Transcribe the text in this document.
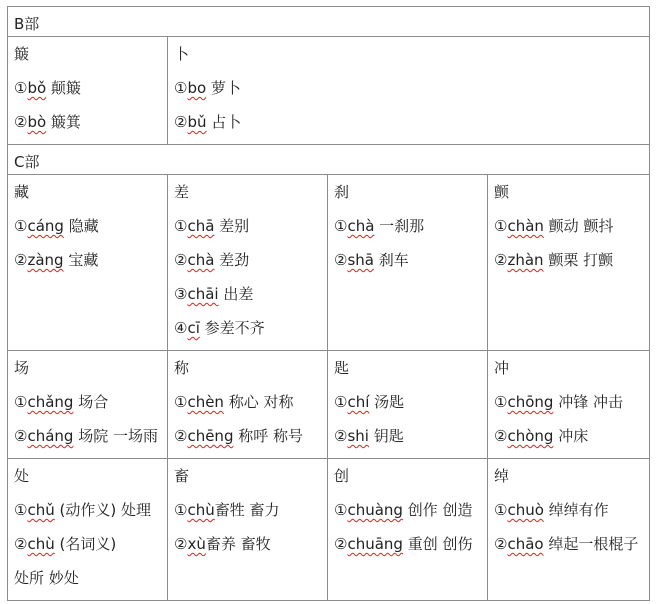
B部			

簸
①bǒ 颠簸
②bò 簸箕	卜
①bo 萝卜
②bǔ 占卜		

C部			

藏
①cáng 隐藏
②zàng 宝藏	差
①chā 差别
②chà 差劲
③chāi 出差
④cī 参差不齐	刹
①chà 一刹那
②shā 刹车	颤
①chàn 颤动 颤抖
②zhàn 颤栗 打颤

场
①chǎng 场合
②cháng 场院 一场雨	称
①chèn 称心 对称
②chēng 称呼 称号	匙
①chí 汤匙
②shi 钥匙	冲
①chōng 冲锋 冲击
②chòng 冲床

处
①chǔ (动作义) 处理
②chù (名词义)
处所 妙处	畜
①chù畜牲 畜力
②xù畜养 畜牧	创
①chuàng 创作 创造
②chuāng 重创 创伤	绰
①chuò 绰绰有作
②chāo 绰起一根棍子
